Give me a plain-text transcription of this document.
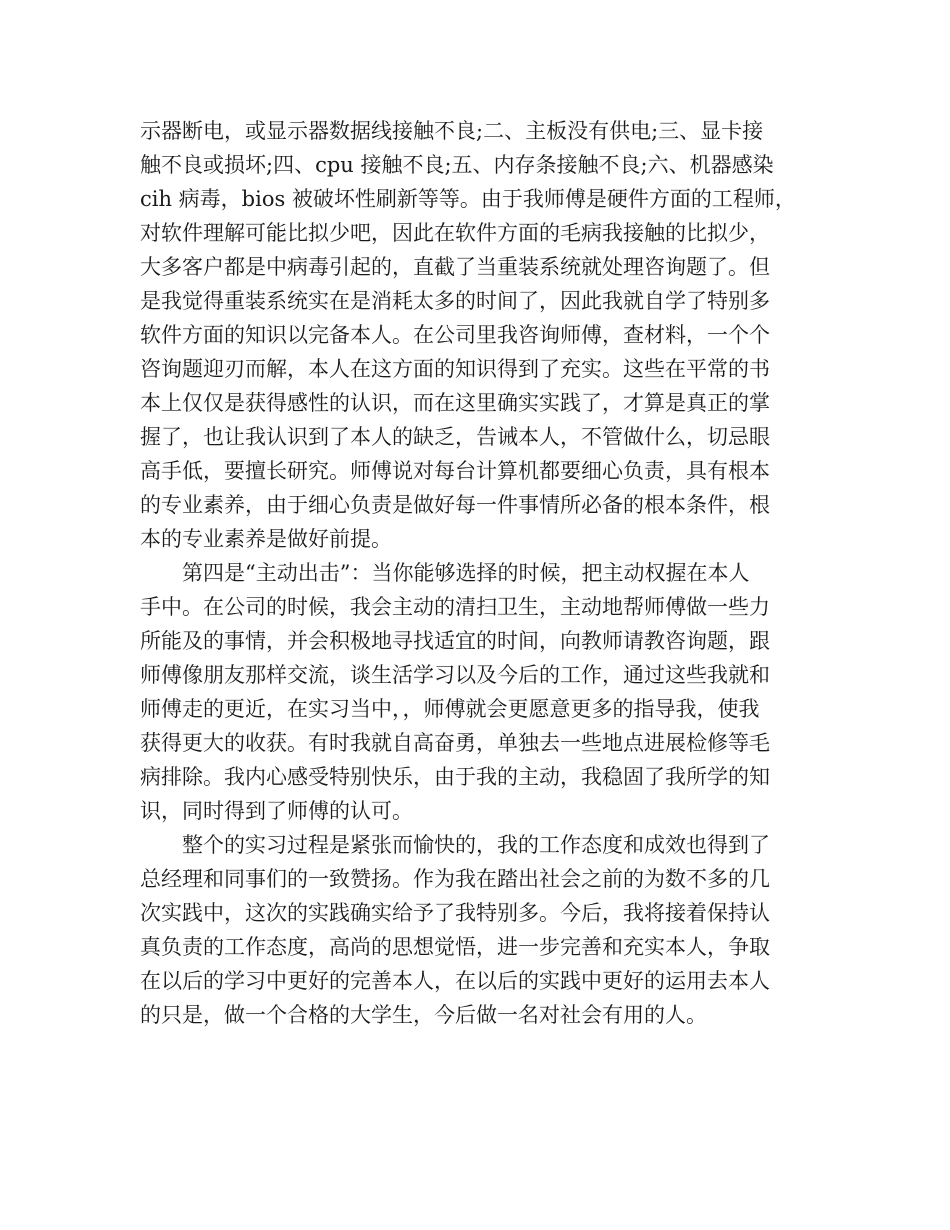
示器断电，或显示器数据线接触不良;二、主板没有供电;三、显卡接
触不良或损坏;四、cpu 接触不良;五、内存条接触不良;六、机器感染
cih 病毒，bios 被破坏性刷新等等。由于我师傅是硬件方面的工程师，
对软件理解可能比拟少吧，因此在软件方面的毛病我接触的比拟少，
大多客户都是中病毒引起的，直截了当重装系统就处理咨询题了。但
是我觉得重装系统实在是消耗太多的时间了，因此我就自学了特别多
软件方面的知识以完备本人。在公司里我咨询师傅，查材料，一个个
咨询题迎刃而解，本人在这方面的知识得到了充实。这些在平常的书
本上仅仅是获得感性的认识，而在这里确实实践了，才算是真正的掌
握了，也让我认识到了本人的缺乏，告诫本人，不管做什么，切忌眼
高手低，要擅长研究。师傅说对每台计算机都要细心负责，具有根本
的专业素养，由于细心负责是做好每一件事情所必备的根本条件，根
本的专业素养是做好前提。
　　第四是“主动出击”：当你能够选择的时候，把主动权握在本人
手中。在公司的时候，我会主动的清扫卫生，主动地帮师傅做一些力
所能及的事情，并会积极地寻找适宜的时间，向教师请教咨询题，跟
师傅像朋友那样交流，谈生活学习以及今后的工作，通过这些我就和
师傅走的更近，在实习当中，，师傅就会更愿意更多的指导我，使我
获得更大的收获。有时我就自高奋勇，单独去一些地点进展检修等毛
病排除。我内心感受特别快乐，由于我的主动，我稳固了我所学的知
识，同时得到了师傅的认可。
　　整个的实习过程是紧张而愉快的，我的工作态度和成效也得到了
总经理和同事们的一致赞扬。作为我在踏出社会之前的为数不多的几
次实践中，这次的实践确实给予了我特别多。今后，我将接着保持认
真负责的工作态度，高尚的思想觉悟，进一步完善和充实本人，争取
在以后的学习中更好的完善本人，在以后的实践中更好的运用去本人
的只是，做一个合格的大学生，今后做一名对社会有用的人。
